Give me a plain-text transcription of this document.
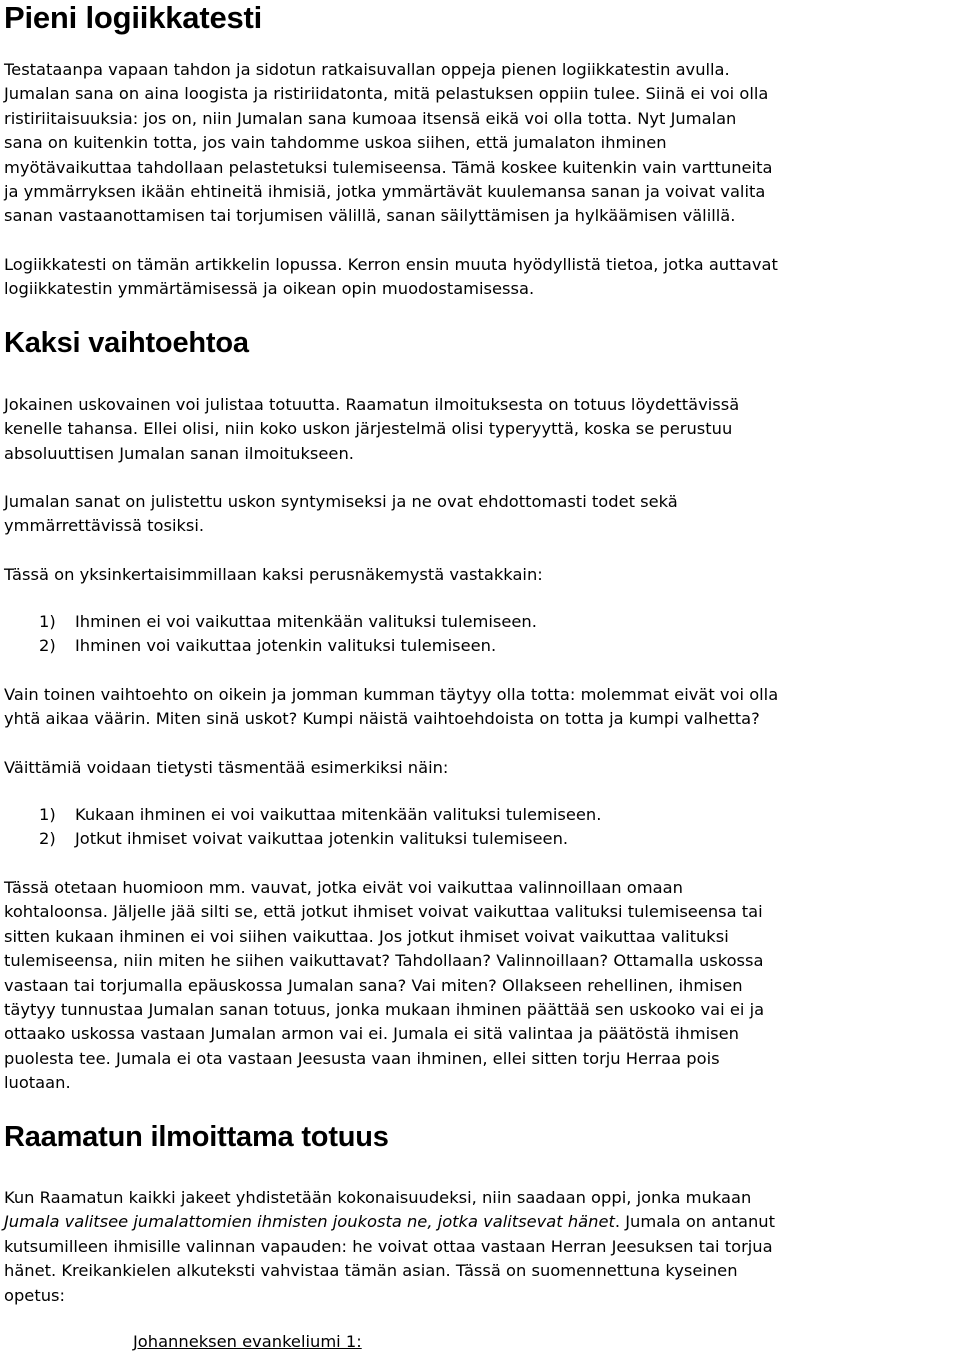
Pieni logiikkatesti
Testataanpa vapaan tahdon ja sidotun ratkaisuvallan oppeja pienen logiikkatestin avulla.
Jumalan sana on aina loogista ja ristiriidatonta, mitä pelastuksen oppiin tulee. Siinä ei voi olla
ristiriitaisuuksia: jos on, niin Jumalan sana kumoaa itsensä eikä voi olla totta. Nyt Jumalan
sana on kuitenkin totta, jos vain tahdomme uskoa siihen, että jumalaton ihminen
myötävaikuttaa tahdollaan pelastetuksi tulemiseensa. Tämä koskee kuitenkin vain varttuneita
ja ymmärryksen ikään ehtineitä ihmisiä, jotka ymmärtävät kuulemansa sanan ja voivat valita
sanan vastaanottamisen tai torjumisen välillä, sanan säilyttämisen ja hylkäämisen välillä.
Logiikkatesti on tämän artikkelin lopussa. Kerron ensin muuta hyödyllistä tietoa, jotka auttavat
logiikkatestin ymmärtämisessä ja oikean opin muodostamisessa.
Kaksi vaihtoehtoa
Jokainen uskovainen voi julistaa totuutta. Raamatun ilmoituksesta on totuus löydettävissä
kenelle tahansa. Ellei olisi, niin koko uskon järjestelmä olisi typeryyttä, koska se perustuu
absoluuttisen Jumalan sanan ilmoitukseen.
Jumalan sanat on julistettu uskon syntymiseksi ja ne ovat ehdottomasti todet sekä
ymmärrettävissä tosiksi.
Tässä on yksinkertaisimmillaan kaksi perusnäkemystä vastakkain:
1) Ihminen ei voi vaikuttaa mitenkään valituksi tulemiseen.
2) Ihminen voi vaikuttaa jotenkin valituksi tulemiseen.
Vain toinen vaihtoehto on oikein ja jomman kumman täytyy olla totta: molemmat eivät voi olla
yhtä aikaa väärin. Miten sinä uskot? Kumpi näistä vaihtoehdoista on totta ja kumpi valhetta?
Väittämiä voidaan tietysti täsmentää esimerkiksi näin:
1) Kukaan ihminen ei voi vaikuttaa mitenkään valituksi tulemiseen.
2) Jotkut ihmiset voivat vaikuttaa jotenkin valituksi tulemiseen.
Tässä otetaan huomioon mm. vauvat, jotka eivät voi vaikuttaa valinnoillaan omaan
kohtaloonsa. Jäljelle jää silti se, että jotkut ihmiset voivat vaikuttaa valituksi tulemiseensa tai
sitten kukaan ihminen ei voi siihen vaikuttaa. Jos jotkut ihmiset voivat vaikuttaa valituksi
tulemiseensa, niin miten he siihen vaikuttavat? Tahdollaan? Valinnoillaan? Ottamalla uskossa
vastaan tai torjumalla epäuskossa Jumalan sana? Vai miten? Ollakseen rehellinen, ihmisen
täytyy tunnustaa Jumalan sanan totuus, jonka mukaan ihminen päättää sen uskooko vai ei ja
ottaako uskossa vastaan Jumalan armon vai ei. Jumala ei sitä valintaa ja päätöstä ihmisen
puolesta tee. Jumala ei ota vastaan Jeesusta vaan ihminen, ellei sitten torju Herraa pois
luotaan.
Raamatun ilmoittama totuus
Kun Raamatun kaikki jakeet yhdistetään kokonaisuudeksi, niin saadaan oppi, jonka mukaan
Jumala valitsee jumalattomien ihmisten joukosta ne, jotka valitsevat hänet. Jumala on antanut
kutsumilleen ihmisille valinnan vapauden: he voivat ottaa vastaan Herran Jeesuksen tai torjua
hänet. Kreikankielen alkuteksti vahvistaa tämän asian. Tässä on suomennettuna kyseinen
opetus:
Johanneksen evankeliumi 1:
